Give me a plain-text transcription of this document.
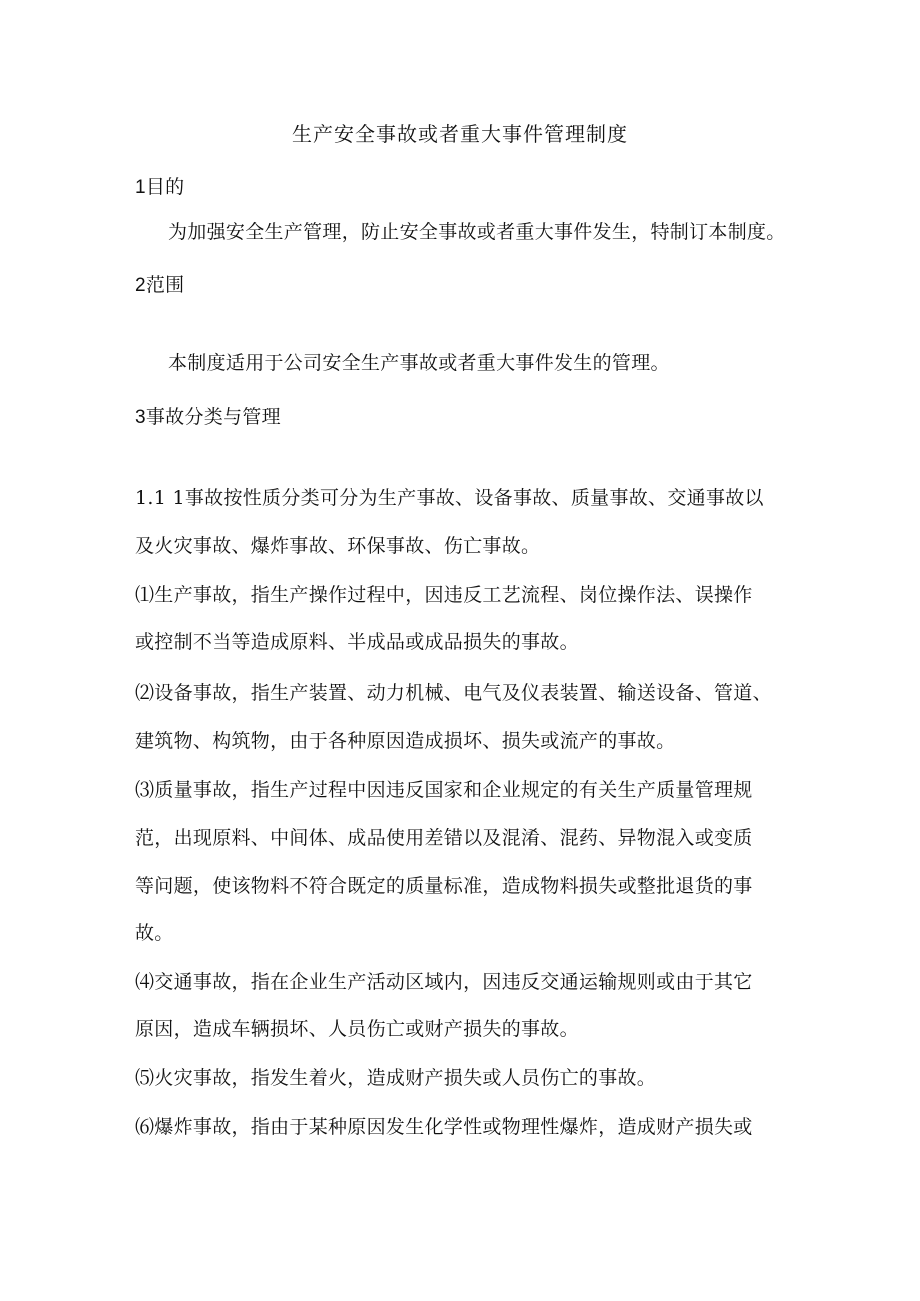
生产安全事故或者重大事件管理制度
1目的
为加强安全生产管理，防止安全事故或者重大事件发生，特制订本制度。
2范围
本制度适用于公司安全生产事故或者重大事件发生的管理。
3事故分类与管理
1.1 1事故按性质分类可分为生产事故、设备事故、质量事故、交通事故以
及火灾事故、爆炸事故、环保事故、伤亡事故。
⑴生产事故，指生产操作过程中，因违反工艺流程、岗位操作法、误操作
或控制不当等造成原料、半成品或成品损失的事故。
⑵设备事故，指生产装置、动力机械、电气及仪表装置、输送设备、管道、
建筑物、构筑物，由于各种原因造成损坏、损失或流产的事故。
⑶质量事故，指生产过程中因违反国家和企业规定的有关生产质量管理规
范，出现原料、中间体、成品使用差错以及混淆、混药、异物混入或变质
等问题，使该物料不符合既定的质量标准，造成物料损失或整批退货的事
故。
⑷交通事故，指在企业生产活动区域内，因违反交通运输规则或由于其它
原因，造成车辆损坏、人员伤亡或财产损失的事故。
⑸火灾事故，指发生着火，造成财产损失或人员伤亡的事故。
⑹爆炸事故，指由于某种原因发生化学性或物理性爆炸，造成财产损失或
